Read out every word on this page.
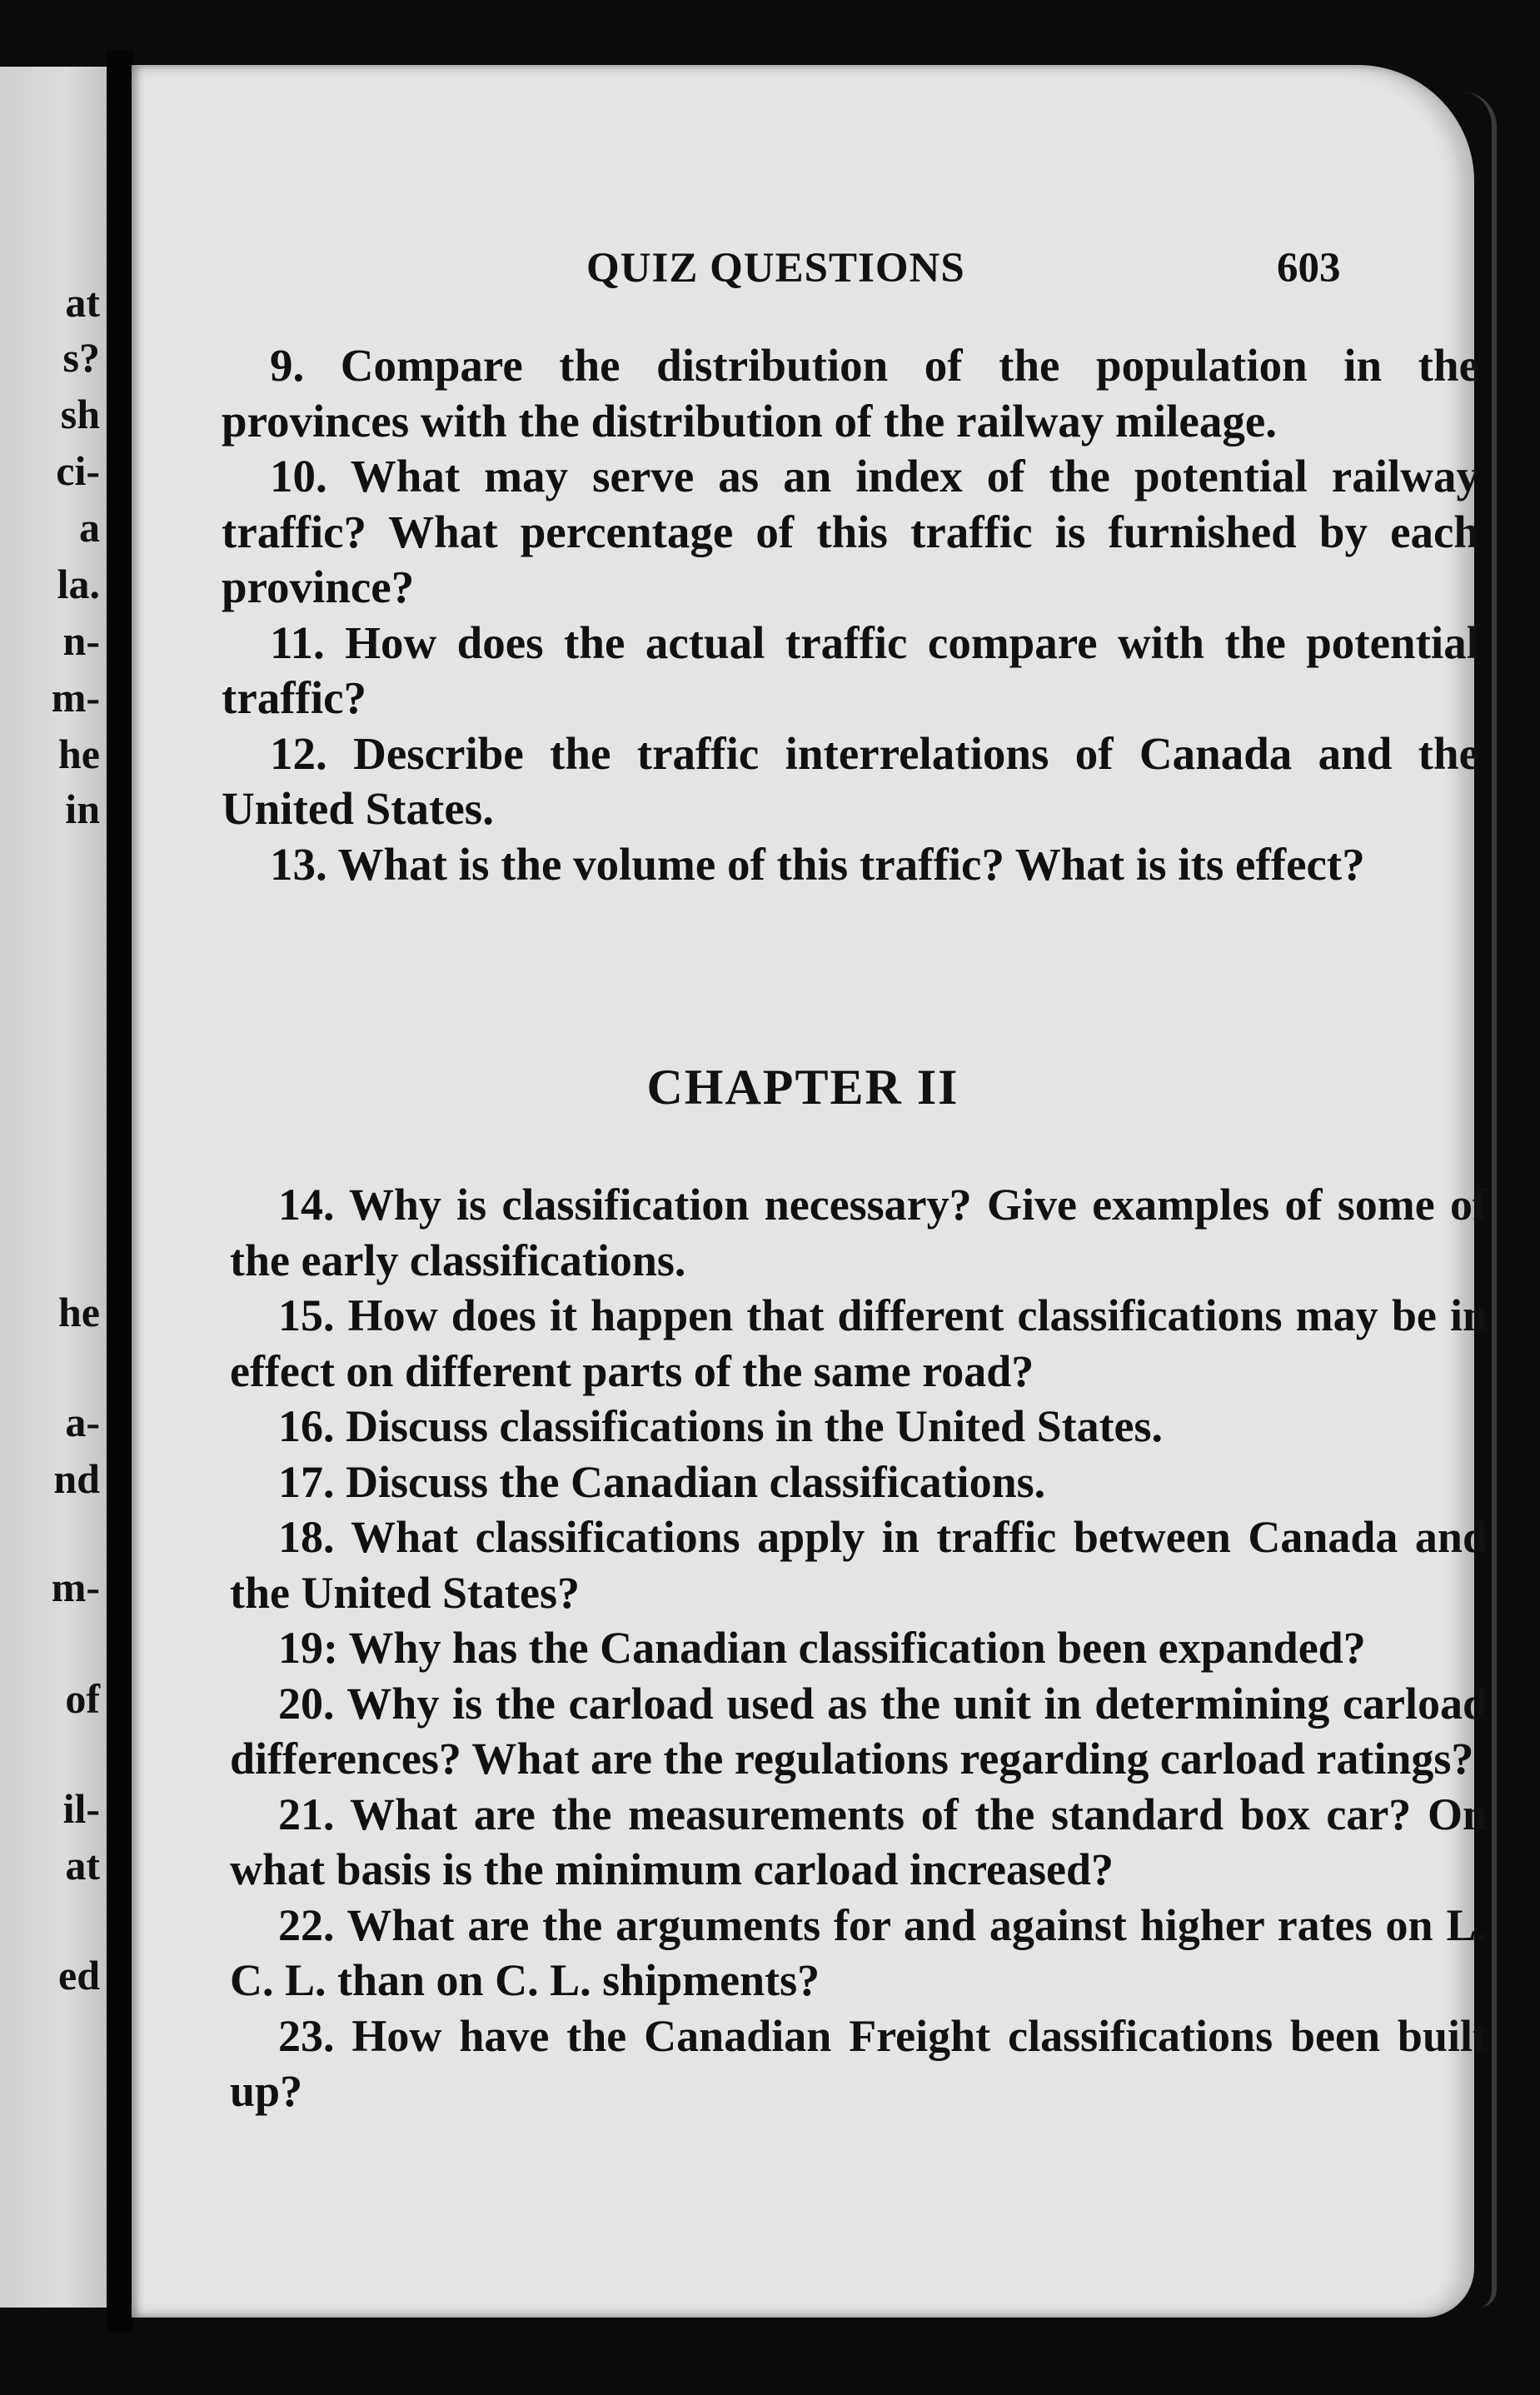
at
s?
sh
ci-
a
la.
n-
m-
he
in
he
a-
nd
m-
of
il-
at
ed
QUIZ QUESTIONS	603

9. Compare the distribution of the population in the provinces with the distribution of the railway mileage.

10. What may serve as an index of the potential railway traffic? What percentage of this traffic is furnished by each province?

11. How does the actual traffic compare with the potential traffic?

12. Describe the traffic interrelations of Canada and the United States.

13. What is the volume of this traffic? What is its effect?

CHAPTER II

14. Why is classification necessary? Give examples of some of the early classifications.

15. How does it happen that different classifications may be in effect on different parts of the same road?

16. Discuss classifications in the United States.

17. Discuss the Canadian classifications.

18. What classifications apply in traffic between Canada and the United States?

19: Why has the Canadian classification been expanded?

20. Why is the carload used as the unit in determining carload differences? What are the regulations regarding carload ratings?

21. What are the measurements of the standard box car? On what basis is the minimum carload increased?

22. What are the arguments for and against higher rates on L. C. L. than on C. L. shipments?

23. How have the Canadian Freight classifications been built up?
